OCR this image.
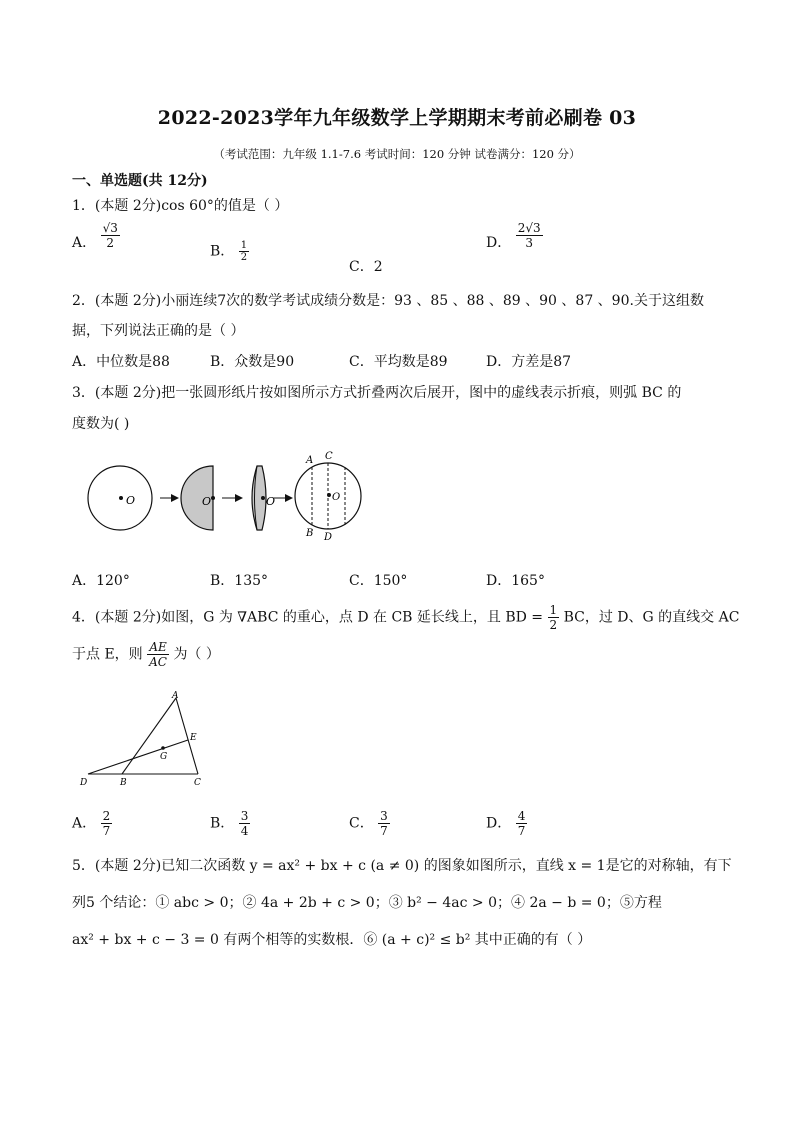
2022-2023学年九年级数学上学期期末考前必刷卷 03
（考试范围：九年级 1.1-7.6 考试时间：120 分钟 试卷满分：120 分）
一、单选题(共 12分)
1．(本题 2分)cos 60°的值是（ ）
A． $\frac{√3}{2}$
B． $\frac{1}{2}$
C．2
D． $\frac{2√3}{3}$
2．(本题 2分)小丽连续7次的数学考试成绩分数是：93 、85 、88 、89 、90 、87 、90.关于这组数
据，下列说法正确的是（ ）
A．中位数是88	B．众数是90	C．平均数是89	D．方差是87
3．(本题 2分)把一张圆形纸片按如图所示方式折叠两次后展开，图中的虚线表示折痕，则弧 BC 的
度数为( )
O	O	O	O
A C
B D
A．120°	B．135°	C．150°	D．165°
4．(本题 2分)如图，G 为 ∇ABC 的重心，点 D 在 CB 延长线上，且 BD = $\frac{1}{2}$ BC，过 D、G 的直线交 AC
于点 E，则 $\frac{AE}{AC}$ 为（ ）
A
B	C
D
E
G
A． $\frac{2}{7}$	B． $\frac{3}{4}$	C． $\frac{3}{7}$	D． $\frac{4}{7}$
5．(本题 2分)已知二次函数 y = ax² + bx + c (a ≠ 0) 的图象如图所示，直线 x = 1是它的对称轴，有下
列5 个结论：① abc > 0；② 4a + 2b + c > 0；③ b² − 4ac > 0；④ 2a − b = 0；⑤方程
ax² + bx + c − 3 = 0 有两个相等的实数根．⑥ (a + c)² ≤ b² 其中正确的有（ ）
